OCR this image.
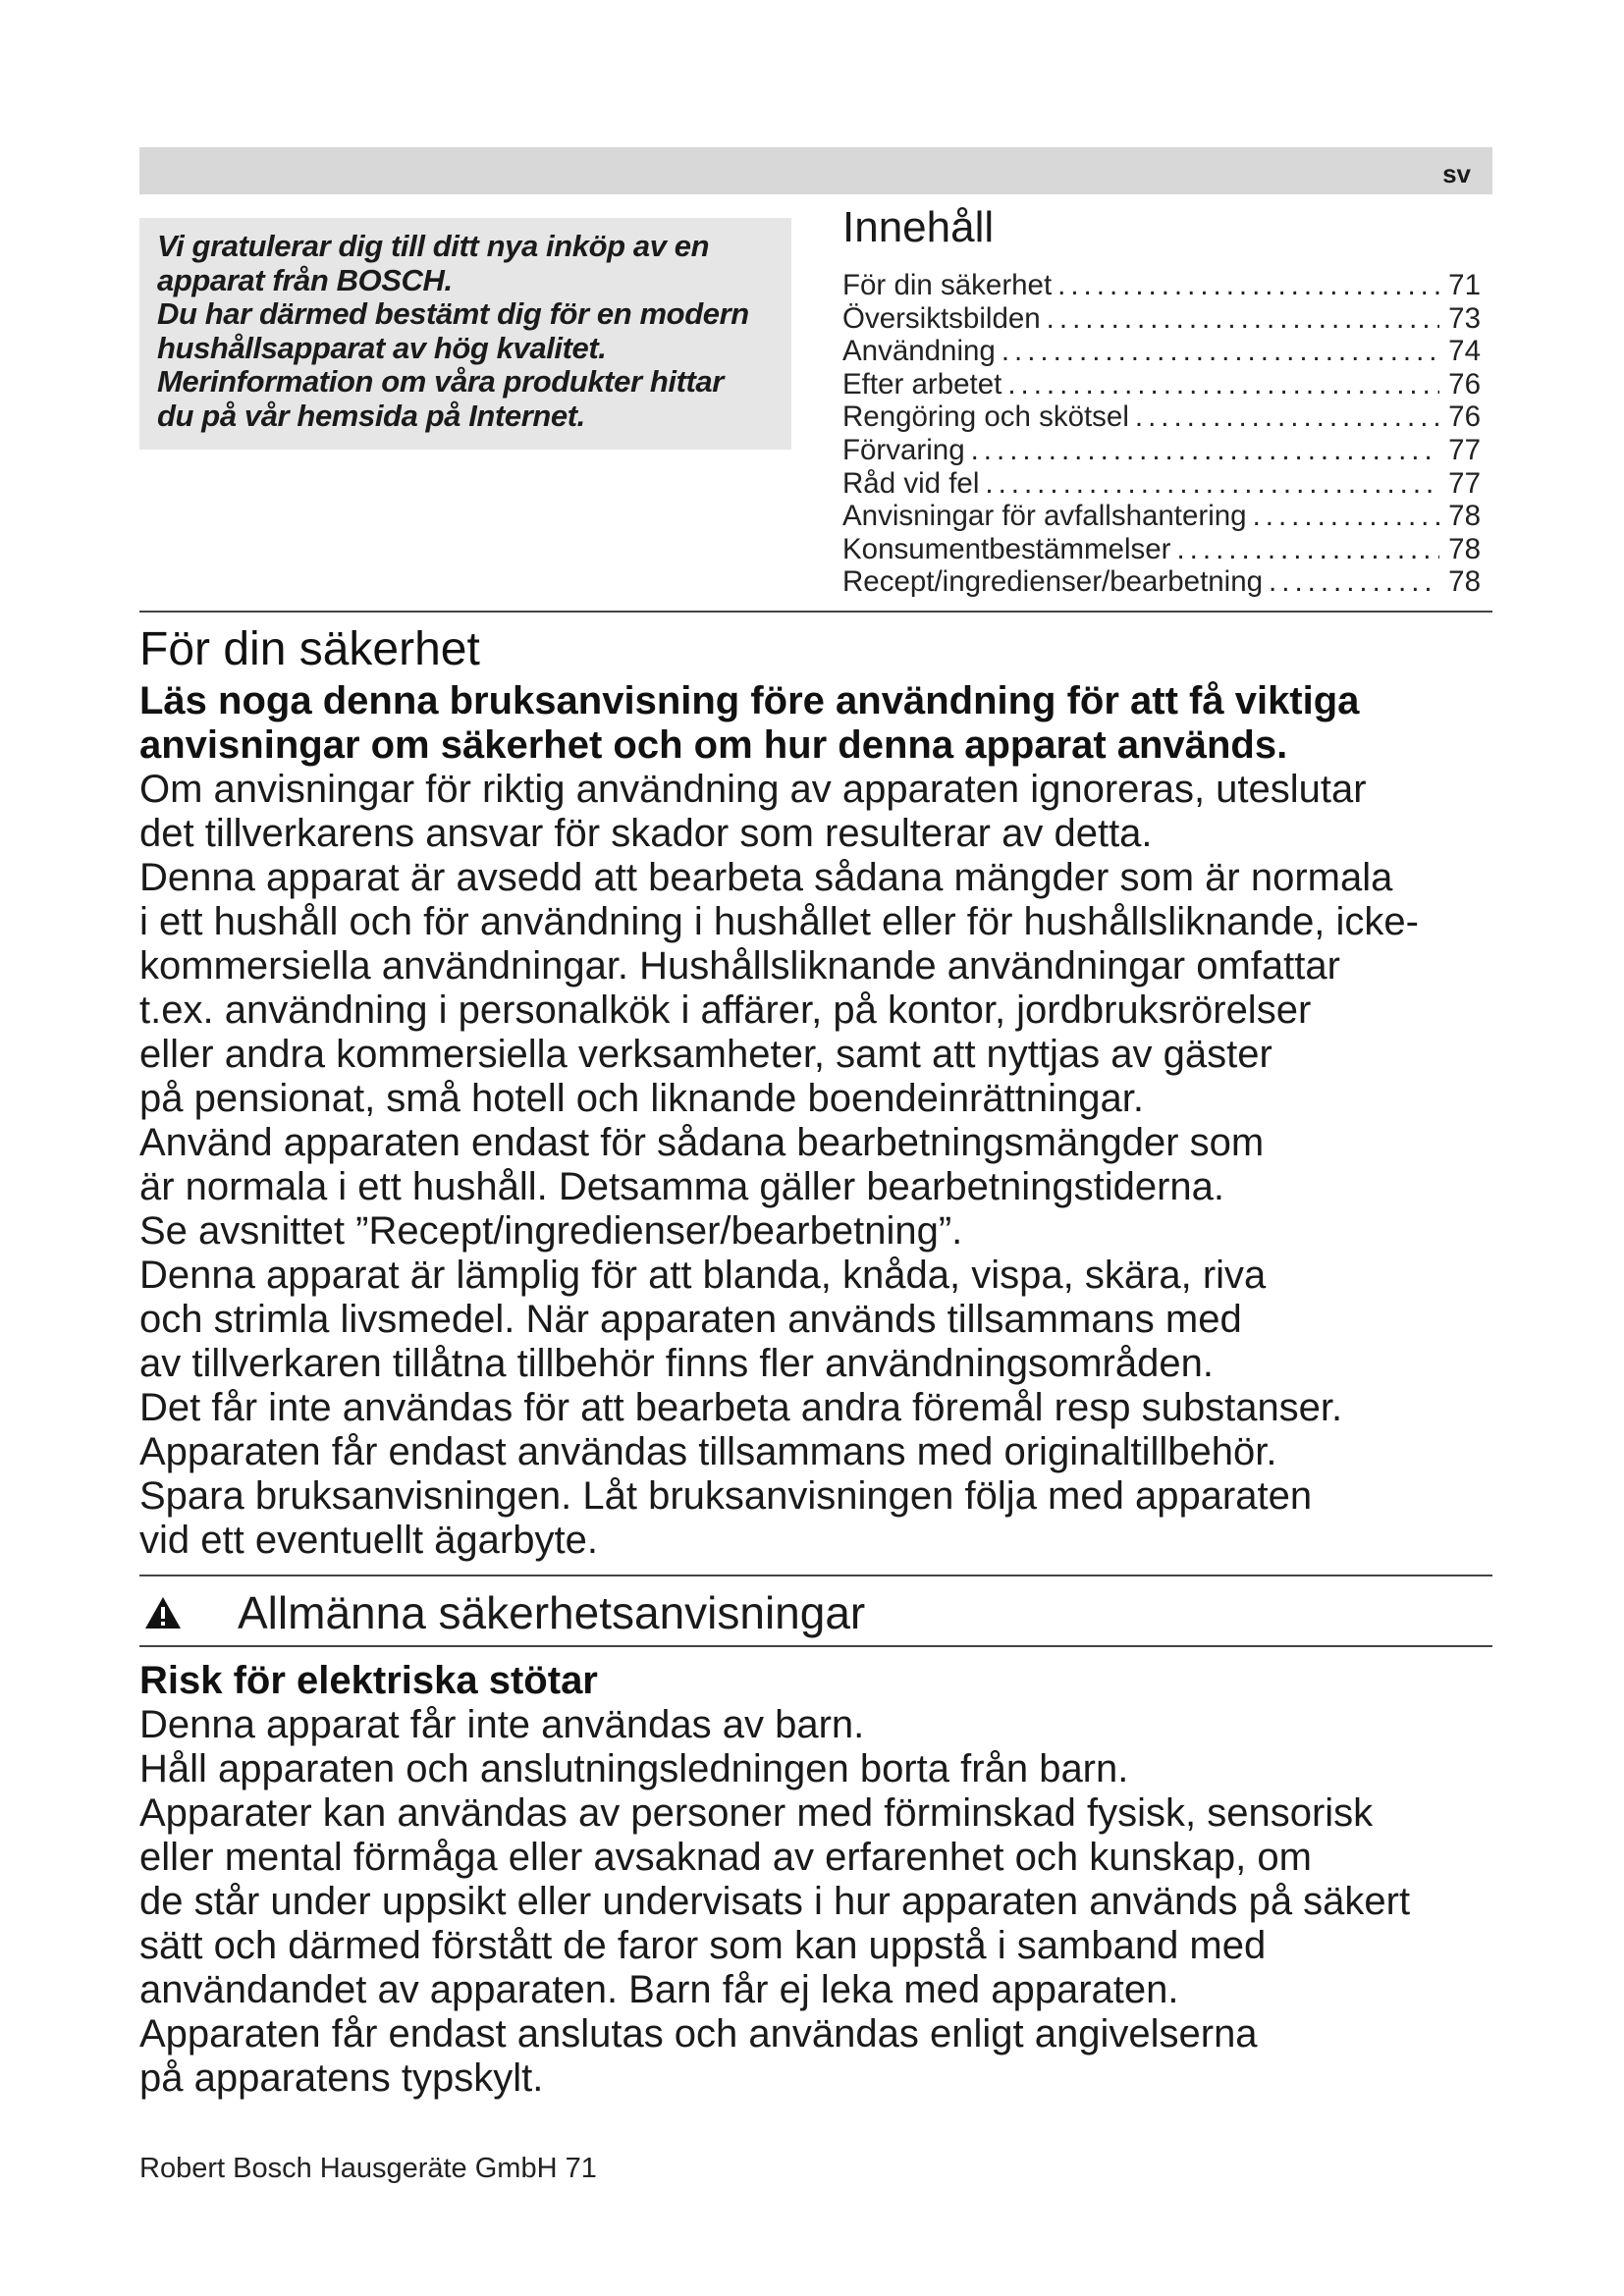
sv
Vi gratulerar dig till ditt nya inköp av en
apparat från BOSCH.
Du har därmed bestämt dig för en modern
hushållsapparat av hög kvalitet.
Merinformation om våra produkter hittar
du på vår hemsida på Internet.
Innehåll
För din säkerhet .....	71
Översiktsbilden .....	73
Användning .....	74
Efter arbetet .....	76
Rengöring och skötsel .....	76
Förvaring .....	77
Råd vid fel .....	77
Anvisningar för avfallshantering .....	78
Konsumentbestämmelser .....	78
Recept/ingredienser/bearbetning .....	78
För din säkerhet
Läs noga denna bruksanvisning före användning för att få viktiga
anvisningar om säkerhet och om hur denna apparat används.
Om anvisningar för riktig användning av apparaten ignoreras, uteslutar
det tillverkarens ansvar för skador som resulterar av detta.
Denna apparat är avsedd att bearbeta sådana mängder som är normala
i ett hushåll och för användning i hushållet eller för hushållsliknande, icke-
kommersiella användningar. Hushållsliknande användningar omfattar
t.ex. användning i personalkök i affärer, på kontor, jordbruksrörelser
eller andra kommersiella verksamheter, samt att nyttjas av gäster
på pensionat, små hotell och liknande boendeinrättningar.
Använd apparaten endast för sådana bearbetningsmängder som
är normala i ett hushåll. Detsamma gäller bearbetningstiderna.
Se avsnittet ”Recept/ingredienser/bearbetning”.
Denna apparat är lämplig för att blanda, knåda, vispa, skära, riva
och strimla livsmedel. När apparaten används tillsammans med
av tillverkaren tillåtna tillbehör finns fler användningsområden.
Det får inte användas för att bearbeta andra föremål resp substanser.
Apparaten får endast användas tillsammans med originaltillbehör.
Spara bruksanvisningen. Låt bruksanvisningen följa med apparaten
vid ett eventuellt ägarbyte.
Allmänna säkerhetsanvisningar
Risk för elektriska stötar
Denna apparat får inte användas av barn.
Håll apparaten och anslutningsledningen borta från barn.
Apparater kan användas av personer med förminskad fysisk, sensorisk
eller mental förmåga eller avsaknad av erfarenhet och kunskap, om
de står under uppsikt eller undervisats i hur apparaten används på säkert
sätt och därmed förstått de faror som kan uppstå i samband med
användandet av apparaten. Barn får ej leka med apparaten.
Apparaten får endast anslutas och användas enligt angivelserna
på apparatens typskylt.
Robert Bosch Hausgeräte GmbH 71
